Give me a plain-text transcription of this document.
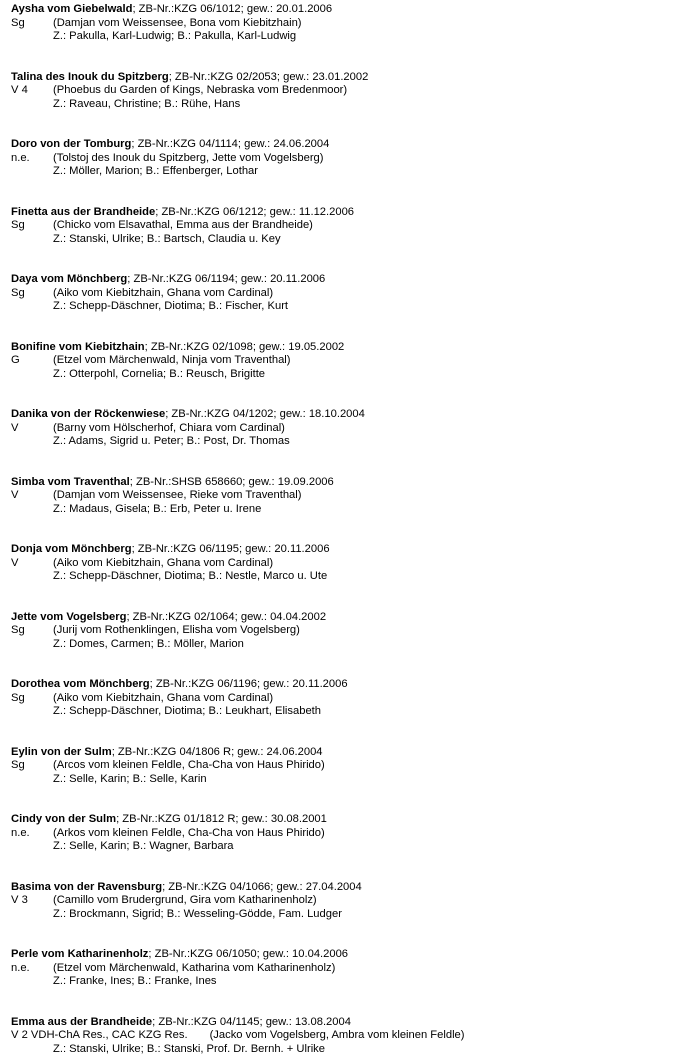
Aysha vom Giebelwald; ZB-Nr.:KZG 06/1012; gew.: 20.01.2006
Sg	(Damjan vom Weissensee, Bona vom Kiebitzhain)
Z.: Pakulla, Karl-Ludwig; B.: Pakulla, Karl-Ludwig
Talina des Inouk du Spitzberg; ZB-Nr.:KZG 02/2053; gew.: 23.01.2002
V 4 (Phoebus du Garden of Kings, Nebraska vom Bredenmoor)
Z.: Raveau, Christine; B.: Rühe, Hans
Doro von der Tomburg; ZB-Nr.:KZG 04/1114; gew.: 24.06.2004
n.e. (Tolstoj des Inouk du Spitzberg, Jette vom Vogelsberg)
Z.: Möller, Marion; B.: Effenberger, Lothar
Finetta aus der Brandheide; ZB-Nr.:KZG 06/1212; gew.: 11.12.2006
Sg	(Chicko vom Elsavathal, Emma aus der Brandheide)
Z.: Stanski, Ulrike; B.: Bartsch, Claudia u. Key
Daya vom Mönchberg; ZB-Nr.:KZG 06/1194; gew.: 20.11.2006
Sg	(Aiko vom Kiebitzhain, Ghana vom Cardinal)
Z.: Schepp-Däschner, Diotima; B.: Fischer, Kurt
Bonifine vom Kiebitzhain; ZB-Nr.:KZG 02/1098; gew.: 19.05.2002
G	(Etzel vom Märchenwald, Ninja vom Traventhal)
Z.: Otterpohl, Cornelia; B.: Reusch, Brigitte
Danika von der Röckenwiese; ZB-Nr.:KZG 04/1202; gew.: 18.10.2004
V	(Barny vom Hölscherhof, Chiara vom Cardinal)
Z.: Adams, Sigrid u. Peter; B.: Post, Dr. Thomas
Simba vom Traventhal; ZB-Nr.:SHSB 658660; gew.: 19.09.2006
V	(Damjan vom Weissensee, Rieke vom Traventhal)
Z.: Madaus, Gisela; B.: Erb, Peter u. Irene
Donja vom Mönchberg; ZB-Nr.:KZG 06/1195; gew.: 20.11.2006
V	(Aiko vom Kiebitzhain, Ghana vom Cardinal)
Z.: Schepp-Däschner, Diotima; B.: Nestle, Marco u. Ute
Jette vom Vogelsberg; ZB-Nr.:KZG 02/1064; gew.: 04.04.2002
Sg	(Jurij vom Rothenklingen, Elisha vom Vogelsberg)
Z.: Domes, Carmen; B.: Möller, Marion
Dorothea vom Mönchberg; ZB-Nr.:KZG 06/1196; gew.: 20.11.2006
Sg	(Aiko vom Kiebitzhain, Ghana vom Cardinal)
Z.: Schepp-Däschner, Diotima; B.: Leukhart, Elisabeth
Eylin von der Sulm; ZB-Nr.:KZG 04/1806 R; gew.: 24.06.2004
Sg	(Arcos vom kleinen Feldle, Cha-Cha von Haus Phirido)
Z.: Selle, Karin; B.: Selle, Karin
Cindy von der Sulm; ZB-Nr.:KZG 01/1812 R; gew.: 30.08.2001
n.e. (Arkos vom kleinen Feldle, Cha-Cha von Haus Phirido)
Z.: Selle, Karin; B.: Wagner, Barbara
Basima von der Ravensburg; ZB-Nr.:KZG 04/1066; gew.: 27.04.2004
V 3 (Camillo vom Brudergrund, Gira vom Katharinenholz)
Z.: Brockmann, Sigrid; B.: Wesseling-Gödde, Fam. Ludger
Perle vom Katharinenholz; ZB-Nr.:KZG 06/1050; gew.: 10.04.2006
n.e. (Etzel vom Märchenwald, Katharina vom Katharinenholz)
Z.: Franke, Ines; B.: Franke, Ines
Emma aus der Brandheide; ZB-Nr.:KZG 04/1145; gew.: 13.08.2004
V 2 VDH-ChA Res., CAC KZG Res. (Jacko vom Vogelsberg, Ambra vom kleinen Feldle)
Z.: Stanski, Ulrike; B.: Stanski, Prof. Dr. Bernh. + Ulrike
